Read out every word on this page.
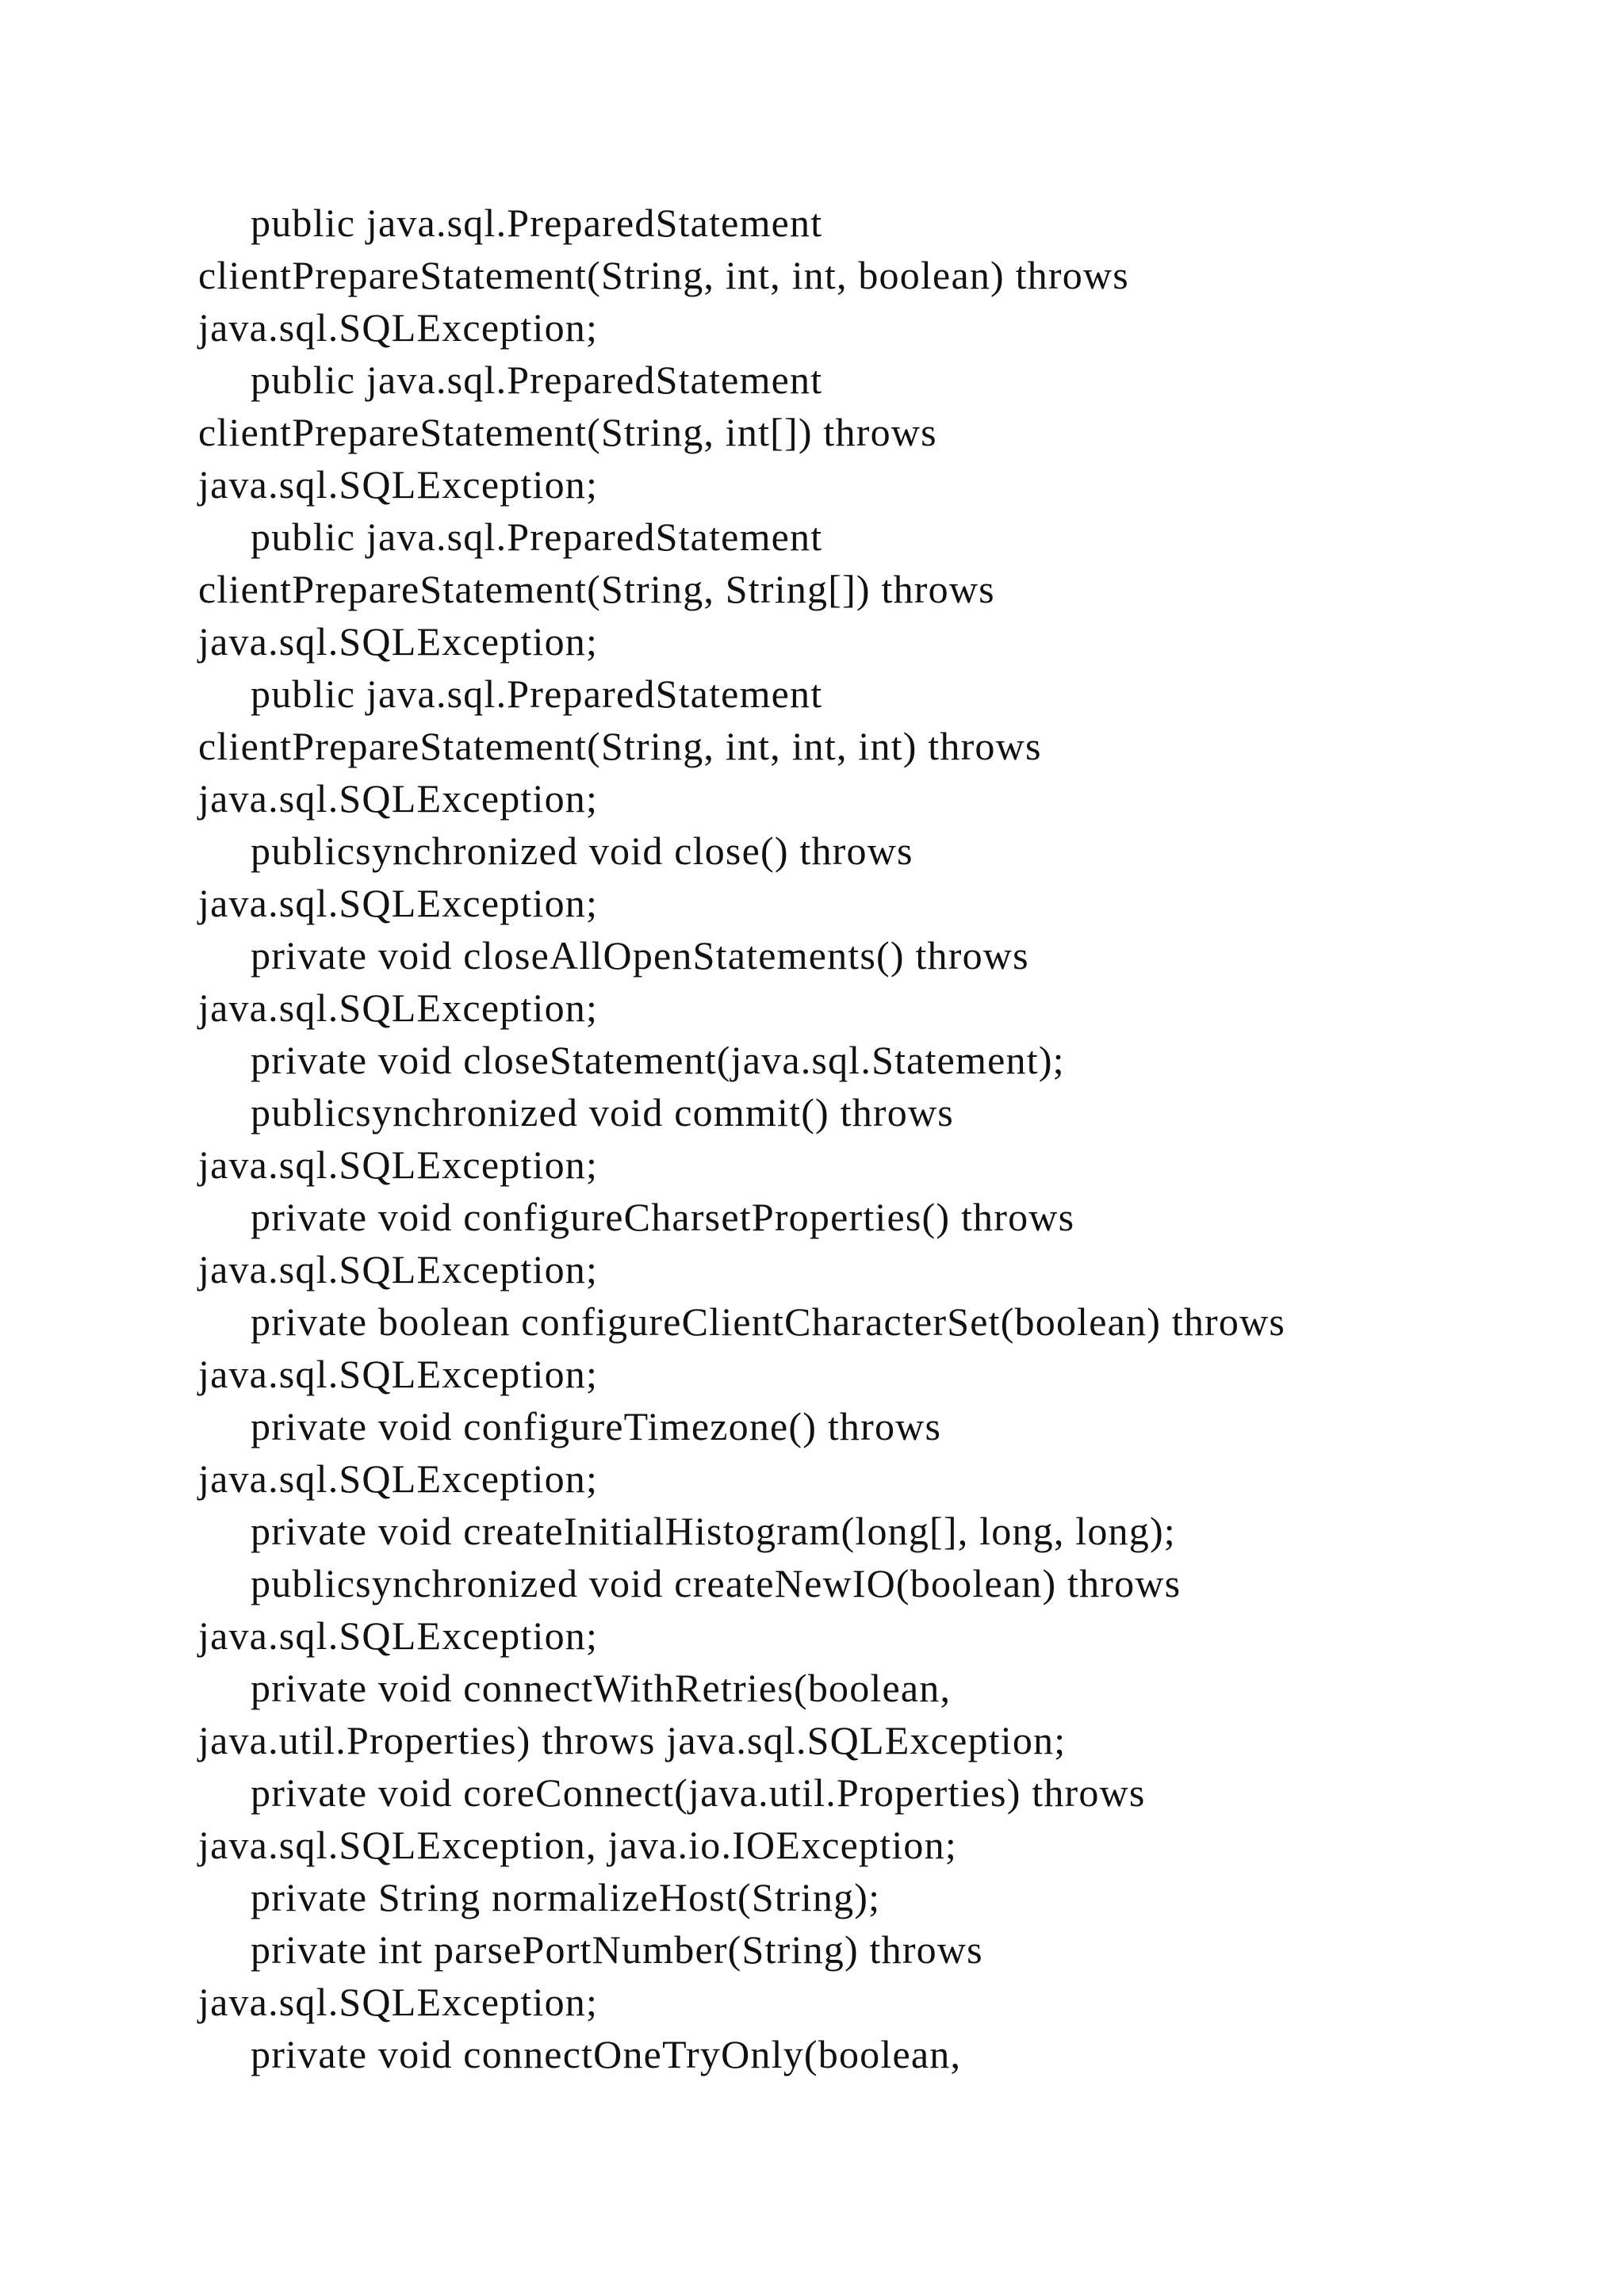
public java.sql.PreparedStatement
clientPrepareStatement(String, int, int, boolean) throws
java.sql.SQLException;
public java.sql.PreparedStatement
clientPrepareStatement(String, int[]) throws
java.sql.SQLException;
public java.sql.PreparedStatement
clientPrepareStatement(String, String[]) throws
java.sql.SQLException;
public java.sql.PreparedStatement
clientPrepareStatement(String, int, int, int) throws
java.sql.SQLException;
publicsynchronized void close() throws
java.sql.SQLException;
private void closeAllOpenStatements() throws
java.sql.SQLException;
private void closeStatement(java.sql.Statement);
publicsynchronized void commit() throws
java.sql.SQLException;
private void configureCharsetProperties() throws
java.sql.SQLException;
private boolean configureClientCharacterSet(boolean) throws
java.sql.SQLException;
private void configureTimezone() throws
java.sql.SQLException;
private void createInitialHistogram(long[], long, long);
publicsynchronized void createNewIO(boolean) throws
java.sql.SQLException;
private void connectWithRetries(boolean,
java.util.Properties) throws java.sql.SQLException;
private void coreConnect(java.util.Properties) throws
java.sql.SQLException, java.io.IOException;
private String normalizeHost(String);
private int parsePortNumber(String) throws
java.sql.SQLException;
private void connectOneTryOnly(boolean,
